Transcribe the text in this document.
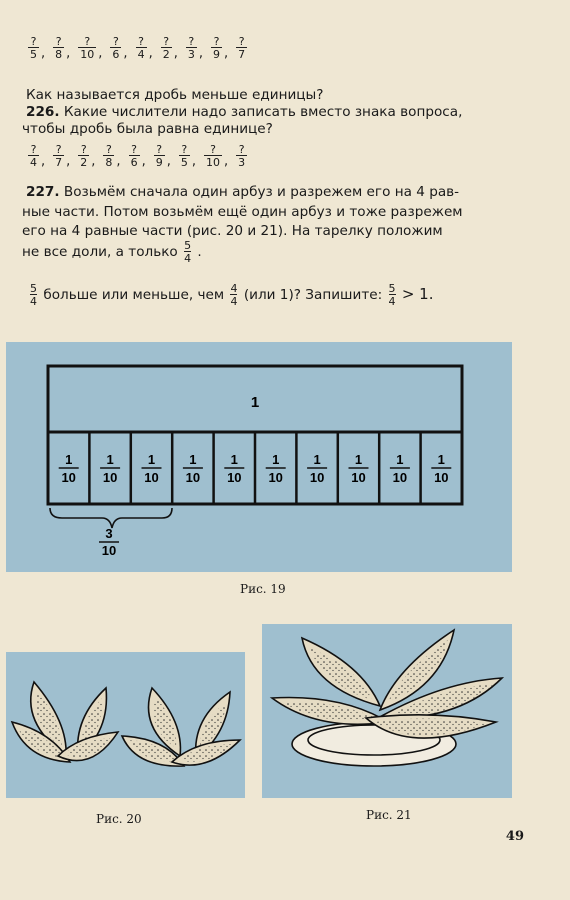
?
5 ,
?
8 ,
?
10 ,
?
6 ,
?
4 ,
?
2 ,
?
3 ,
?
9 ,
?
7
Как называется дробь меньше единицы?
226. Какие числители надо записать вместо знака вопроса,
чтобы дробь была равна единице?
?
4 ,
?
7 ,
?
2 ,
?
8 ,
?
6 ,
?
9 ,
?
5 ,
?
10 ,
?
3
227. Возьмём сначала один арбуз и разрежем его на 4 рав-
ные части. Потом возьмём ещё один арбуз и тоже разрежем
его на 4 равные части (рис. 20 и 21). На тарелку положим
не все доли, а только $\frac{5}{4}$ .
$\frac{5}{4}$ больше или меньше, чем $\frac{4}{4} (или$ 1)? Запишите: $\frac{5}{4} > 1$.
1
1
10
1
10
1
10
1
10
1
10
1
10
1
10
1
10
1
10
1
10
3
10
Рис. 19
Рис. 20	Рис. 21
49
